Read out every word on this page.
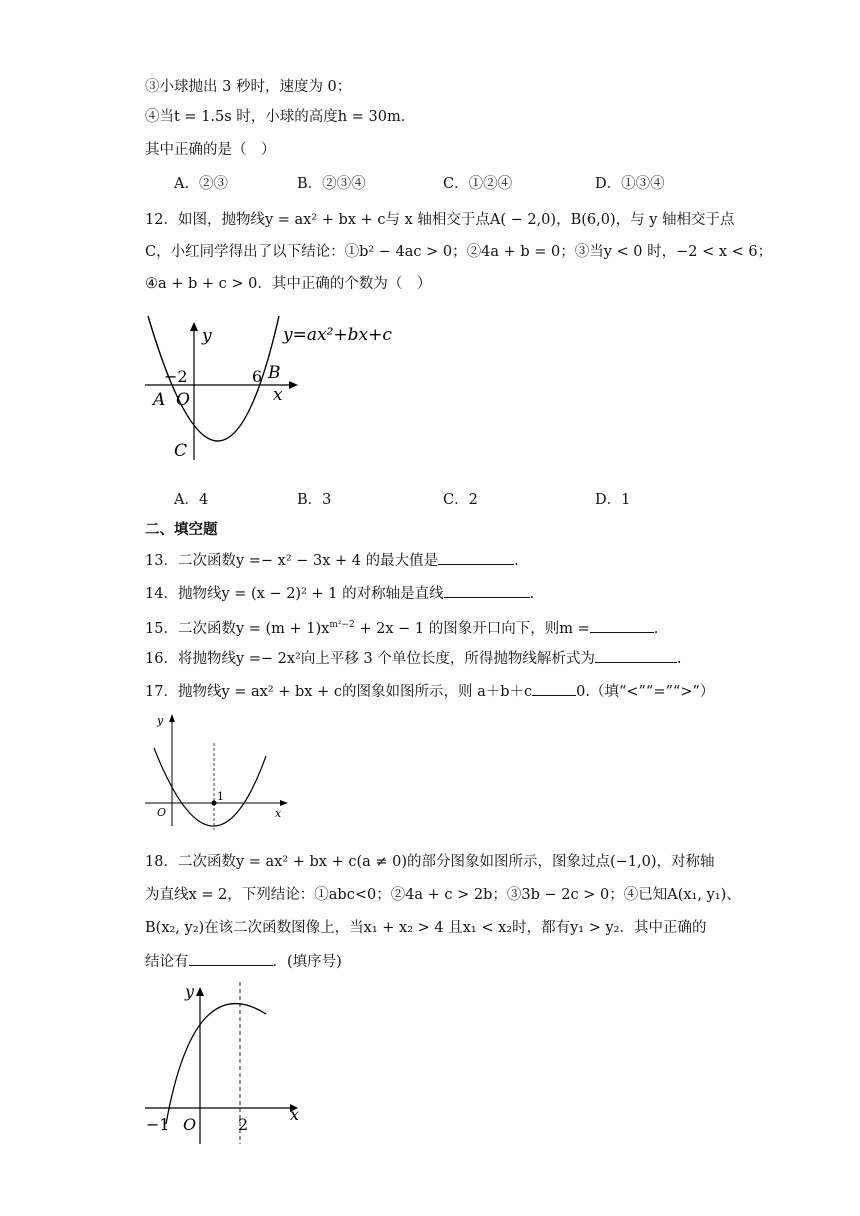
③小球抛出 3 秒时，速度为 0；
④当t = 1.5s 时，小球的高度h = 30m．
其中正确的是（　）
A．②③	B．②③④	C．①②④	D．①③④
12．如图，抛物线y = ax² + bx + c与 x 轴相交于点A( − 2,0)，B(6,0)，与 y 轴相交于点
C，小红同学得出了以下结论：①b² − 4ac > 0；②4a + b = 0；③当y < 0 时，−2 < x < 6；
④a + b + c > 0．其中正确的个数为（　）
y
x
−2	6 B
A O
C
y=ax²+bx+c
A．4	B．3	C．2	D．1
二、填空题
13．二次函数y =− x² − 3x + 4 的最大值是	.
14．抛物线y = (x − 2)² + 1 的对称轴是直线	.
15．二次函数$y = (m + 1)x^{m^2-2} + 2x - 1$ 的图象开口向下，则m =	.
16．将抛物线y =− 2x²向上平移 3 个单位长度，所得抛物线解析式为	.
17．抛物线y = ax² + bx + c的图象如图所示，则 a＋b＋c	0.（填“<”“=”“>”）
y
x
O
1
18．二次函数y = ax² + bx + c(a ≠ 0)的部分图象如图所示，图象过点(−1,0)，对称轴
为直线x = 2，下列结论：①abc<0；②4a + c > 2b；③3b − 2c > 0；④已知A(x₁, y₁)、
B(x₂, y₂)在该二次函数图像上，当x₁ + x₂ > 4 且x₁ < x₂时，都有y₁ > y₂．其中正确的
结论有	．(填序号)
y
x
O
−1	2
